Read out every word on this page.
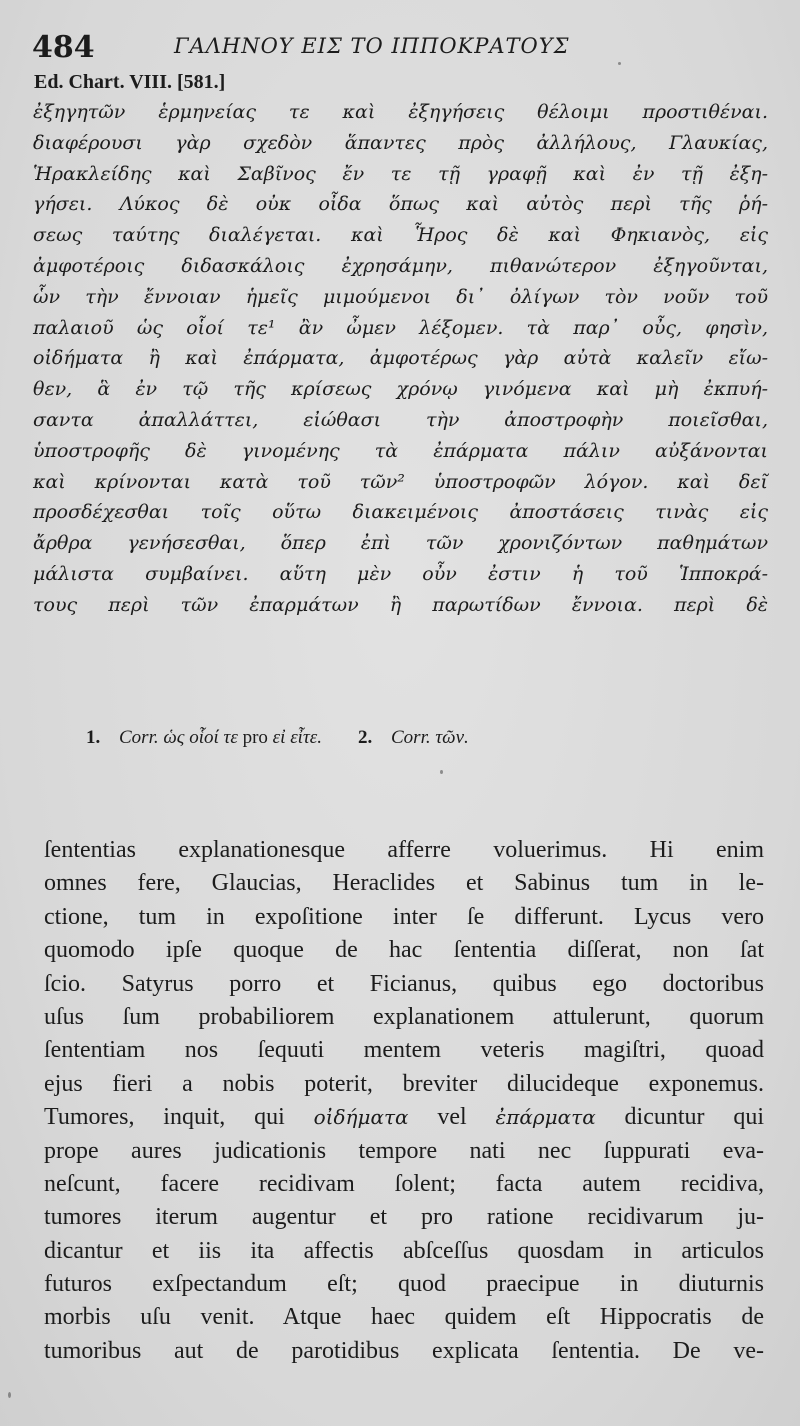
484	ΓΑΛΗΝΟΥ ΕΙΣ ΤΟ ΙΠΠΟΚΡΑΤΟΥΣ
Ed. Chart. VIII. [581.]
ἐξηγητῶν ἑρμηνείας τε καὶ ἐξηγήσεις θέλοιμι προστιθέναι.
διαφέρουσι γὰρ σχεδὸν ἅπαντες πρὸς ἀλλήλους, Γλαυκίας,
Ἡρακλείδης καὶ Σαβῖνος ἔν τε τῇ γραφῇ καὶ ἐν τῇ ἐξη-
γήσει. Λύκος δὲ οὐκ οἶδα ὅπως καὶ αὐτὸς περὶ τῆς ῥή-
σεως ταύτης διαλέγεται. καὶ Ἧρος δὲ καὶ Φηκιανὸς, εἰς
ἀμφοτέροις διδασκάλοις ἐχρησάμην, πιθανώτερον ἐξηγοῦνται,
ὧν τὴν ἔννοιαν ἡμεῖς μιμούμενοι δι᾽ ὀλίγων τὸν νοῦν τοῦ
παλαιοῦ ὡς οἷοί τε¹ ἂν ὦμεν λέξομεν. τὰ παρ᾽ οὖς, φησὶν,
οἰδήματα ἢ καὶ ἐπάρματα, ἀμφοτέρως γὰρ αὐτὰ καλεῖν εἴω-
θεν, ἃ ἐν τῷ τῆς κρίσεως χρόνῳ γινόμενα καὶ μὴ ἐκπυή-
σαντα ἀπαλλάττει, εἰώθασι τὴν ἀποστροφὴν ποιεῖσθαι,
ὑποστροφῆς δὲ γινομένης τὰ ἐπάρματα πάλιν αὐξάνονται
καὶ κρίνονται κατὰ τοῦ τῶν² ὑποστροφῶν λόγον. καὶ δεῖ
προσδέχεσθαι τοῖς οὕτω διακειμένοις ἀποστάσεις τινὰς εἰς
ἄρθρα γενήσεσθαι, ὅπερ ἐπὶ τῶν χρονιζόντων παθημάτων
μάλιστα συμβαίνει. αὕτη μὲν οὖν ἐστιν ἡ τοῦ Ἱπποκρά-
τους περὶ τῶν ἐπαρμάτων ἢ παρωτίδων ἔννοια. περὶ δὲ
1. Corr. ὡς οἷοί τε pro εἰ εἶτε. 2. Corr. τῶν.
ſententias explanationesque afferre voluerimus. Hi enim
omnes fere, Glaucias, Heraclides et Sabinus tum in le-
ctione, tum in expoſitione inter ſe differunt. Lycus vero
quomodo ipſe quoque de hac ſententia diſſerat, non ſat
ſcio. Satyrus porro et Ficianus, quibus ego doctoribus
uſus ſum probabiliorem explanationem attulerunt, quorum
ſententiam nos ſequuti mentem veteris magiſtri, quoad
ejus fieri a nobis poterit, breviter dilucideque exponemus.
Tumores, inquit, qui οἰδήματα vel ἐπάρματα dicuntur qui
prope aures judicationis tempore nati nec ſuppurati eva-
neſcunt, facere recidivam ſolent; facta autem recidiva,
tumores iterum augentur et pro ratione recidivarum ju-
dicantur et iis ita affectis abſceſſus quosdam in articulos
futuros exſpectandum eſt; quod praecipue in diuturnis
morbis uſu venit. Atque haec quidem eſt Hippocratis de
tumoribus aut de parotidibus explicata ſententia. De ve-
